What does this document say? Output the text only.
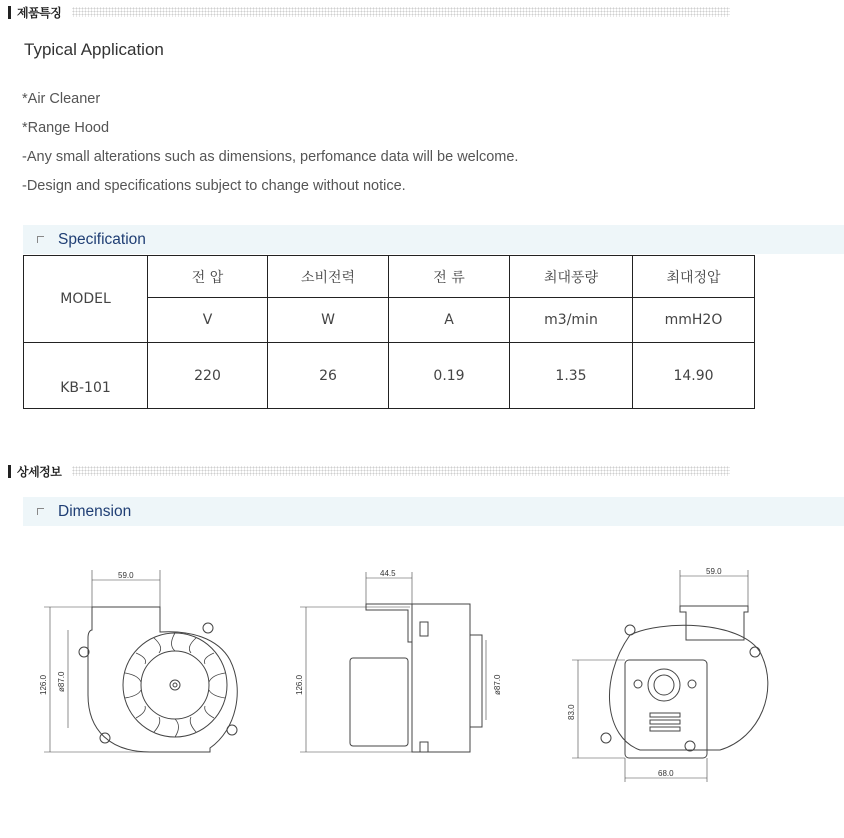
제품특징
Typical Application
*Air Cleaner
*Range Hood
-Any small alterations such as dimensions, perfomance data will be welcome.
-Design and specifications subject to change without notice.
Specification
MODEL	전 압	소비전력	전 류	최대풍량	최대정압
	V	W	A	m3/min	mmH2O
KB-101	220	26	0.19	1.35	14.90
상세정보
Dimension
59.0
126.0 ø87.0
44.5
126.0	ø87.0
59.0
83.0
68.0
